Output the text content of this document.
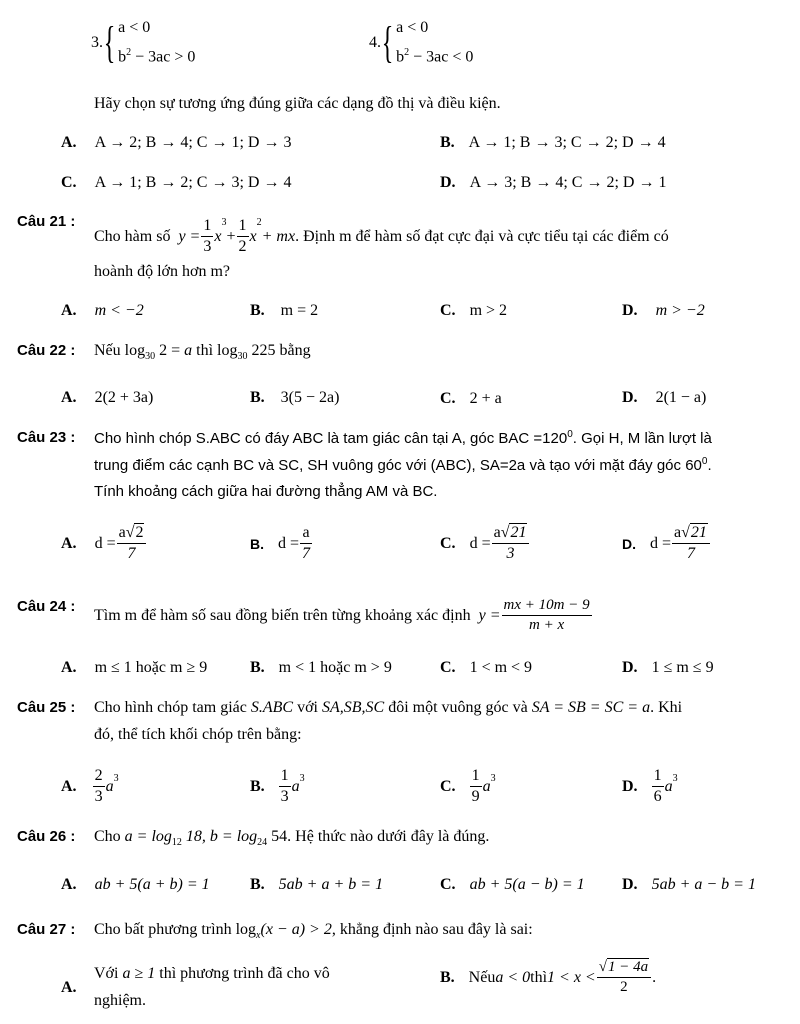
3. { a < 0
$b^2 - 3ac > 0$
4. { a < 0
$b^2 - 3ac < 0$
Hãy chọn sự tương ứng đúng giữa các dạng đồ thị và điều kiện.
A. A → 2; B → 4; C → 1; D → 3	B. A → 1; B → 3; C → 2; D → 4
C. A → 1; B → 2; C → 3; D → 4	D. A → 3; B → 4; C → 2; D → 1
Câu 21 :
Cho hàm số $y = \frac{1}{3}$ x
3
+ $\frac{1}{2}$ x
2
+ mx . Định m để hàm số đạt cực đại và cực tiểu tại các điểm có
hoành độ lớn hơn m?
A. m < −2	B. m = 2	C. m > 2	D. m > −2
Câu 22 : Nếu $\log_{30} 2 = a$ thì $\log_{30} 225$ bằng
A. 2(2 + 3a)	B. 3(5 − 2a)	C. 2 + a	D. 2(1 − a)
Câu 23 : Cho hình chóp S.ABC có đáy ABC là tam giác cân tại A, góc BAC $=120^0$. Gọi H, M lần lượt là
trung điểm các cạnh BC và SC, SH vuông góc với (ABC), SA=2a và tạo với mặt đáy góc $60^0$.
Tính khoảng cách giữa hai đường thẳng AM và BC.
A. $d = \frac{a√2}{7}$	B. $d = \frac{a}{7}$	C. $d = \frac{a√21}{3}$	D. $d = \frac{a√21}{7}$
Câu 24 : Tìm m để hàm số sau đồng biến trên từng khoảng xác định $y = \frac{mx + 10m - 9}{m + x}$
A. m ≤ 1 hoặc m ≥ 9	B. m < 1 hoặc m > 9	C. 1 < m < 9	D. 1 ≤ m ≤ 9
Câu 25 : Cho hình chóp tam giác S.ABC với SA,SB,SC đôi một vuông góc và SA = SB = SC = a. Khi
đó, thể tích khối chóp trên bằng:
A. $\frac{2}{3} a^3$	B. $\frac{1}{3} a^3$	C. $\frac{1}{9} a^3$	D. $\frac{1}{6} a^3$
Câu 26 : Cho $a = \log_{12} 18$, $b = \log_{24} 54$. Hệ thức nào dưới đây là đúng.
A. ab + 5(a + b) = 1	B. 5ab + a + b = 1	C. ab + 5(a − b) = 1 D. 5ab + a − b = 1
Câu 27 : Cho bất phương trình $\log_x(x - a) > 2$, khẳng định nào sau đây là sai:
A.
Với a ≥ 1 thì phương trình đã cho vô
nghiệm.
B. Nếu a < 0 thì $1 < x < \frac{√1 - 4a}{2}$ .
